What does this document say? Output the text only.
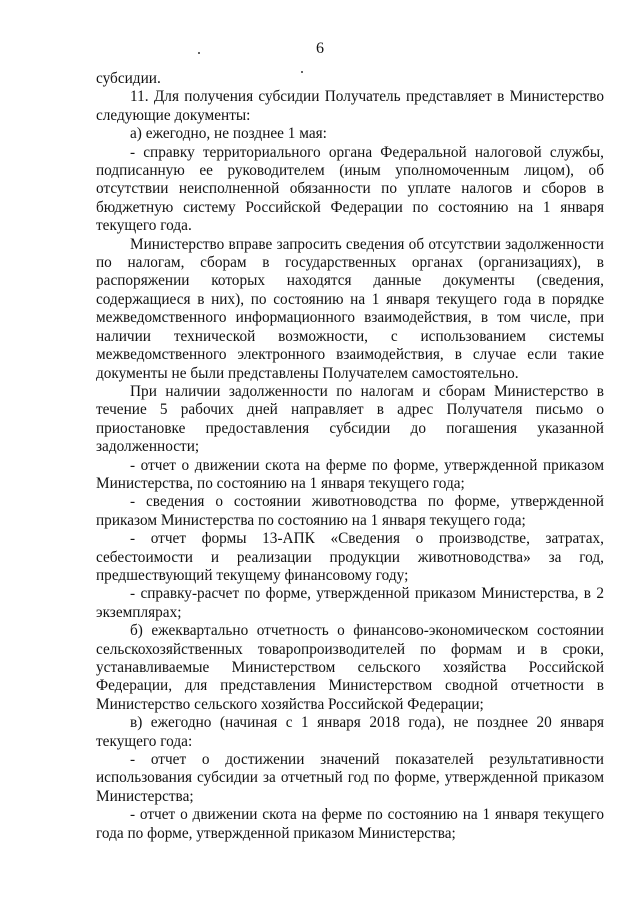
6

субсидии.

11. Для получения субсидии Получатель представляет в Министерство следующие документы:

а) ежегодно, не позднее 1 мая:

- справку территориального органа Федеральной налоговой службы, подписанную ее руководителем (иным уполномоченным лицом), об отсутствии неисполненной обязанности по уплате налогов и сборов в бюджетную систему Российской Федерации по состоянию на 1 января текущего года.

Министерство вправе запросить сведения об отсутствии задолженности по налогам, сборам в государственных органах (организациях), в распоряжении которых находятся данные документы (сведения, содержащиеся в них), по состоянию на 1 января текущего года в порядке межведомственного информационного взаимодействия, в том числе, при наличии технической возможности, с использованием системы межведомственного электронного взаимодействия, в случае если такие документы не были представлены Получателем самостоятельно.

При наличии задолженности по налогам и сборам Министерство в течение 5 рабочих дней направляет в адрес Получателя письмо о приостановке предоставления субсидии до погашения указанной задолженности;

- отчет о движении скота на ферме по форме, утвержденной приказом Министерства, по состоянию на 1 января текущего года;

- сведения о состоянии животноводства по форме, утвержденной приказом Министерства по состоянию на 1 января текущего года;

- отчет формы 13-АПК «Сведения о производстве, затратах, себестоимости и реализации продукции животноводства» за год, предшествующий текущему финансовому году;

- справку-расчет по форме, утвержденной приказом Министерства, в 2 экземплярах;

б) ежеквартально отчетность о финансово-экономическом состоянии сельскохозяйственных товаропроизводителей по формам и в сроки, устанавливаемые Министерством сельского хозяйства Российской Федерации, для представления Министерством сводной отчетности в Министерство сельского хозяйства Российской Федерации;

в) ежегодно (начиная с 1 января 2018 года), не позднее 20 января текущего года:

- отчет о достижении значений показателей результативности использования субсидии за отчетный год по форме, утвержденной приказом Министерства;

- отчет о движении скота на ферме по состоянию на 1 января текущего года по форме, утвержденной приказом Министерства;
